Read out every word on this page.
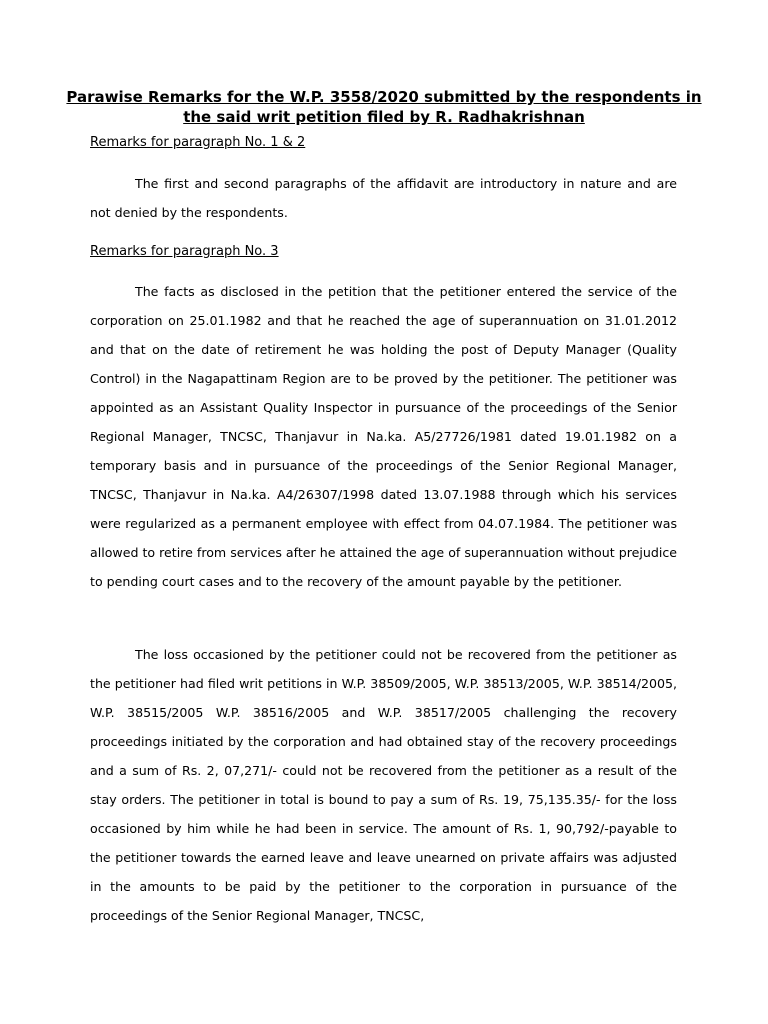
Parawise Remarks for the W.P. 3558/2020 submitted by the respondents in the said writ petition filed by R. Radhakrishnan
Remarks for paragraph No. 1 & 2

The first and second paragraphs of the affidavit are introductory in nature and are not denied by the respondents.

Remarks for paragraph No. 3

The facts as disclosed in the petition that the petitioner entered the service of the corporation on 25.01.1982 and that he reached the age of superannuation on 31.01.2012 and that on the date of retirement he was holding the post of Deputy Manager (Quality Control) in the Nagapattinam Region are to be proved by the petitioner. The petitioner was appointed as an Assistant Quality Inspector in pursuance of the proceedings of the Senior Regional Manager, TNCSC, Thanjavur in Na.ka. A5/27726/1981 dated 19.01.1982 on a temporary basis and in pursuance of the proceedings of the Senior Regional Manager, TNCSC, Thanjavur in Na.ka. A4/26307/1998 dated 13.07.1988 through which his services were regularized as a permanent employee with effect from 04.07.1984. The petitioner was allowed to retire from services after he attained the age of superannuation without prejudice to pending court cases and to the recovery of the amount payable by the petitioner.

The loss occasioned by the petitioner could not be recovered from the petitioner as the petitioner had filed writ petitions in W.P. 38509/2005, W.P. 38513/2005, W.P. 38514/2005, W.P. 38515/2005 W.P. 38516/2005 and W.P. 38517/2005 challenging the recovery proceedings initiated by the corporation and had obtained stay of the recovery proceedings and a sum of Rs. 2, 07,271/- could not be recovered from the petitioner as a result of the stay orders. The petitioner in total is bound to pay a sum of Rs. 19, 75,135.35/- for the loss occasioned by him while he had been in service. The amount of Rs. 1, 90,792/-payable to the petitioner towards the earned leave and leave unearned on private affairs was adjusted in the amounts to be paid by the petitioner to the corporation in pursuance of the proceedings of the Senior Regional Manager, TNCSC,
